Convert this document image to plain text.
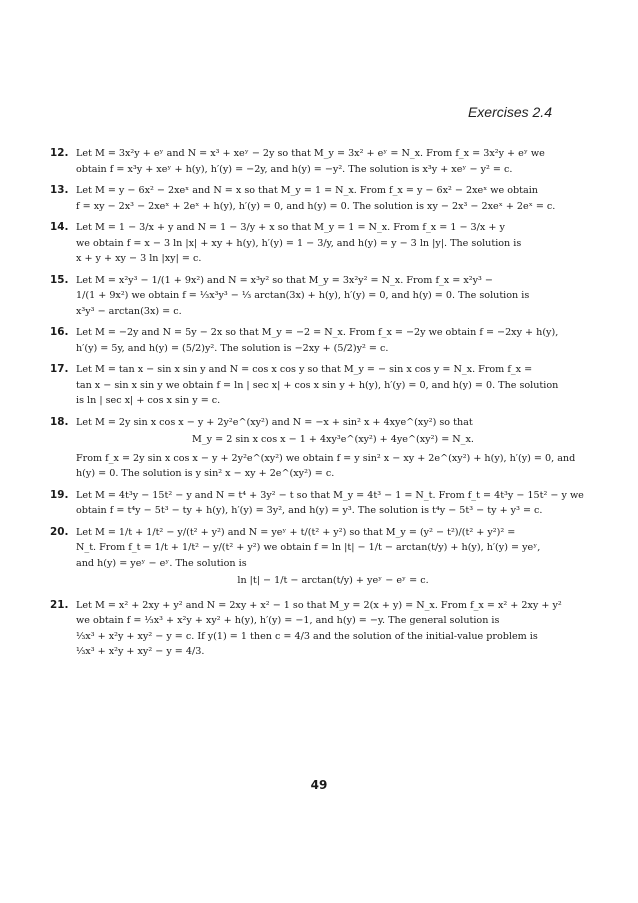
Exercises 2.4
12. Let M = 3x²y + eʸ and N = x³ + xeʸ − 2y so that M_y = 3x² + eʸ = N_x. From f_x = 3x²y + eʸ we
obtain f = x³y + xeʸ + h(y), h′(y) = −2y, and h(y) = −y². The solution is x³y + xeʸ − y² = c.
13. Let M = y − 6x² − 2xeˣ and N = x so that M_y = 1 = N_x. From f_x = y − 6x² − 2xeˣ we obtain
f = xy − 2x³ − 2xeˣ + 2eˣ + h(y), h′(y) = 0, and h(y) = 0. The solution is xy − 2x³ − 2xeˣ + 2eˣ = c.
14. Let M = 1 − 3/x + y and N = 1 − 3/y + x so that M_y = 1 = N_x. From f_x = 1 − 3/x + y
we obtain f = x − 3 ln |x| + xy + h(y), h′(y) = 1 − 3/y, and h(y) = y − 3 ln |y|. The solution is
x + y + xy − 3 ln |xy| = c.
15. Let M = x²y³ − 1/(1 + 9x²) and N = x³y² so that M_y = 3x²y² = N_x. From f_x = x²y³ −
1/(1 + 9x²) we obtain f = ⅓x³y³ − ⅓ arctan(3x) + h(y), h′(y) = 0, and h(y) = 0. The solution is
x³y³ − arctan(3x) = c.
16. Let M = −2y and N = 5y − 2x so that M_y = −2 = N_x. From f_x = −2y we obtain f = −2xy + h(y),
h′(y) = 5y, and h(y) = (5/2)y². The solution is −2xy + (5/2)y² = c.
17. Let M = tan x − sin x sin y and N = cos x cos y so that M_y = − sin x cos y = N_x. From f_x =
tan x − sin x sin y we obtain f = ln | sec x| + cos x sin y + h(y), h′(y) = 0, and h(y) = 0. The solution
is ln | sec x| + cos x sin y = c.
18. Let M = 2y sin x cos x − y + 2y²e^(xy²) and N = −x + sin² x + 4xye^(xy²) so that
M_y = 2 sin x cos x − 1 + 4xy³e^(xy²) + 4ye^(xy²) = N_x.
From f_x = 2y sin x cos x − y + 2y²e^(xy²) we obtain f = y sin² x − xy + 2e^(xy²) + h(y), h′(y) = 0, and
h(y) = 0. The solution is y sin² x − xy + 2e^(xy²) = c.
19. Let M = 4t³y − 15t² − y and N = t⁴ + 3y² − t so that M_y = 4t³ − 1 = N_t. From f_t = 4t³y − 15t² − y we
obtain f = t⁴y − 5t³ − ty + h(y), h′(y) = 3y², and h(y) = y³. The solution is t⁴y − 5t³ − ty + y³ = c.
20. Let M = 1/t + 1/t² − y/(t² + y²) and N = yeʸ + t/(t² + y²) so that M_y = (y² − t²)/(t² + y²)² =
N_t. From f_t = 1/t + 1/t² − y/(t² + y²) we obtain f = ln |t| − 1/t − arctan(t/y) + h(y), h′(y) = yeʸ,
and h(y) = yeʸ − eʸ. The solution is
ln |t| − 1/t − arctan(t/y) + yeʸ − eʸ = c.
21. Let M = x² + 2xy + y² and N = 2xy + x² − 1 so that M_y = 2(x + y) = N_x. From f_x = x² + 2xy + y²
we obtain f = ⅓x³ + x²y + xy² + h(y), h′(y) = −1, and h(y) = −y. The general solution is
⅓x³ + x²y + xy² − y = c. If y(1) = 1 then c = 4/3 and the solution of the initial-value problem is
⅓x³ + x²y + xy² − y = 4/3.
49
